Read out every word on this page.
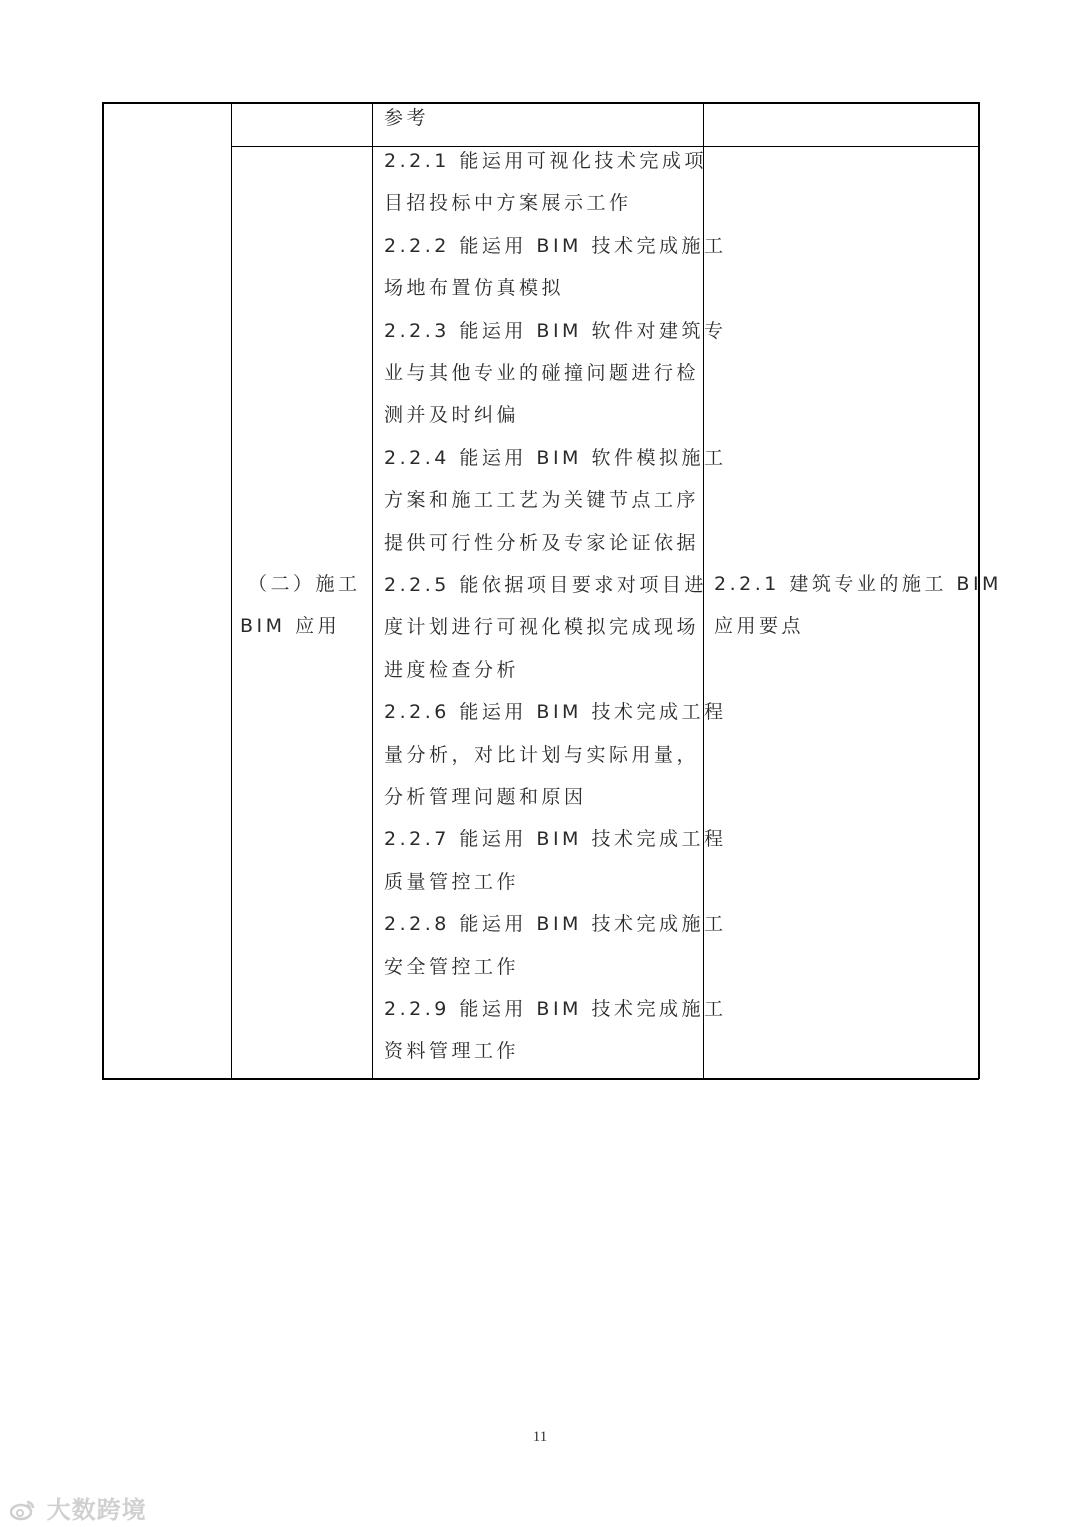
参考
（二）施工
BIM 应用
2.2.1 能运用可视化技术完成项
目招投标中方案展示工作
2.2.2 能运用 BIM 技术完成施工
场地布置仿真模拟
2.2.3 能运用 BIM 软件对建筑专
业与其他专业的碰撞问题进行检
测并及时纠偏
2.2.4 能运用 BIM 软件模拟施工
方案和施工工艺为关键节点工序
提供可行性分析及专家论证依据
2.2.5 能依据项目要求对项目进
度计划进行可视化模拟完成现场
进度检查分析
2.2.6 能运用 BIM 技术完成工程
量分析，对比计划与实际用量，
分析管理问题和原因
2.2.7 能运用 BIM 技术完成工程
质量管控工作
2.2.8 能运用 BIM 技术完成施工
安全管控工作
2.2.9 能运用 BIM 技术完成施工
资料管理工作
2.2.1 建筑专业的施工 BIM
应用要点
11
大数跨境
